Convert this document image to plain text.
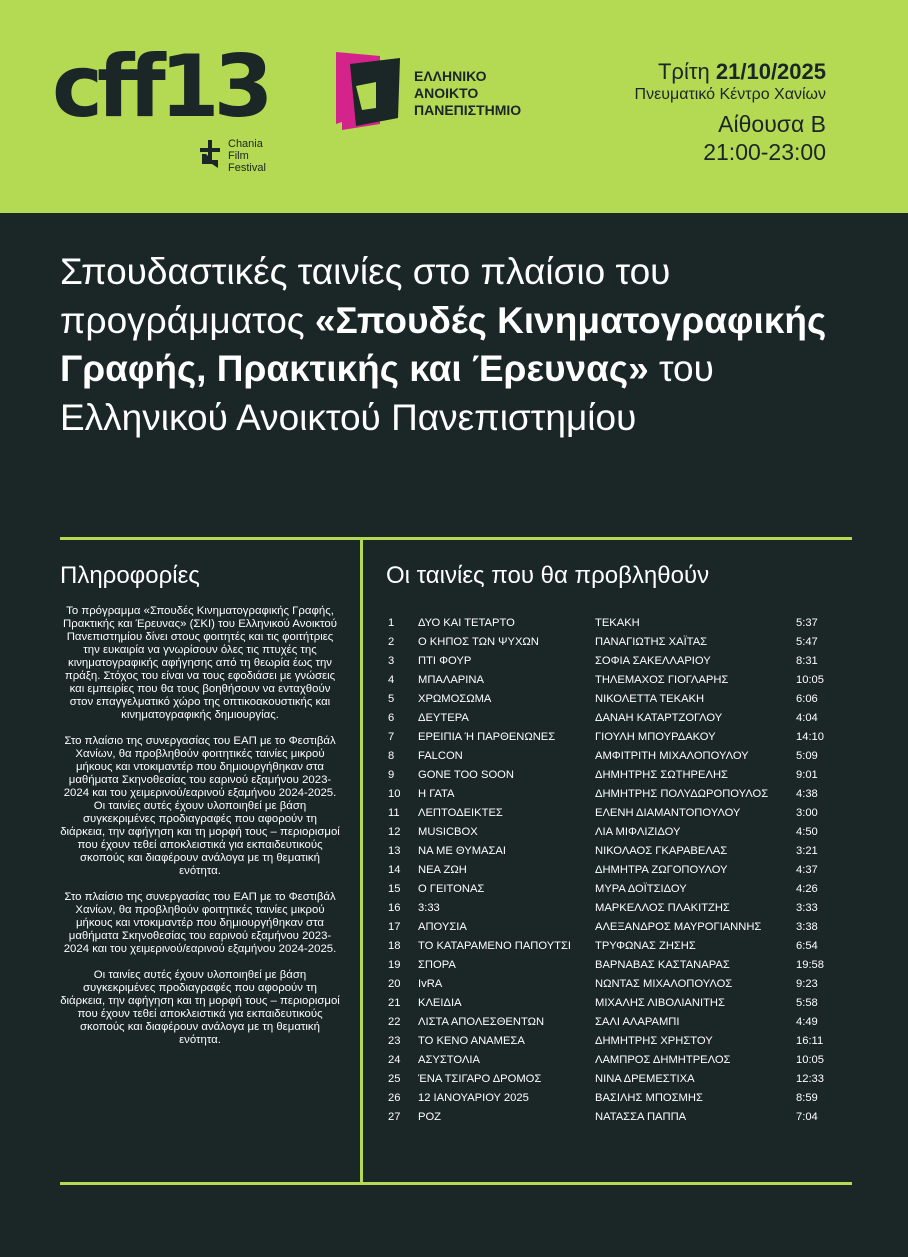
cff13
Chania
Film
Festival
ΕΛΛΗΝΙΚΟ
ΑΝΟΙΚΤΟ
ΠΑΝΕΠΙΣΤΗΜΙΟ
Τρίτη 21/10/2025
Πνευματικό Κέντρο Χανίων
Αίθουσα Β
21:00-23:00
Σπουδαστικές ταινίες στο πλαίσιο του προγράμματος «Σπουδές Κινηματογραφικής Γραφής, Πρακτικής και Έρευνας» του Ελληνικού Ανοικτού Πανεπιστημίου
Πληροφορίες	Οι ταινίες που θα προβληθούν

Το πρόγραμμα «Σπουδές Κινηματογραφικής Γραφής, Πρακτικής και Έρευνας» (ΣΚΙ) του Ελληνικού Ανοικτού Πανεπιστημίου δίνει στους φοιτητές και τις φοιτήτριες την ευκαιρία να γνωρίσουν όλες τις πτυχές της κινηματογραφικής αφήγησης από τη θεωρία έως την πράξη. Στόχος του είναι να τους εφοδιάσει με γνώσεις και εμπειρίες που θα τους βοηθήσουν να ενταχθούν στον επαγγελματικό χώρο της οπτικοακουστικής και κινηματογραφικής δημιουργίας.

Στο πλαίσιο της συνεργασίας του ΕΑΠ με το Φεστιβάλ Χανίων, θα προβληθούν φοιτητικές ταινίες μικρού μήκους και ντοκιμαντέρ που δημιουργήθηκαν στα μαθήματα Σκηνοθεσίας του εαρινού εξαμήνου 2023-2024 και του χειμερινού/εαρινού εξαμήνου 2024-2025. Οι ταινίες αυτές έχουν υλοποιηθεί με βάση συγκεκριμένες προδιαγραφές που αφορούν τη διάρκεια, την αφήγηση και τη μορφή τους – περιορισμοί που έχουν τεθεί αποκλειστικά για εκπαιδευτικούς σκοπούς και διαφέρουν ανάλογα με τη θεματική ενότητα.

Στο πλαίσιο της συνεργασίας του ΕΑΠ με το Φεστιβάλ Χανίων, θα προβληθούν φοιτητικές ταινίες μικρού μήκους και ντοκιμαντέρ που δημιουργήθηκαν στα μαθήματα Σκηνοθεσίας του εαρινού εξαμήνου 2023-2024 και του χειμερινού/εαρινού εξαμήνου 2024-2025.

Οι ταινίες αυτές έχουν υλοποιηθεί με βάση συγκεκριμένες προδιαγραφές που αφορούν τη διάρκεια, την αφήγηση και τη μορφή τους – περιορισμοί που έχουν τεθεί αποκλειστικά για εκπαιδευτικούς σκοπούς και διαφέρουν ανάλογα με τη θεματική ενότητα.

1	ΔΥΟ ΚΑΙ ΤΕΤΑΡΤΟ	ΤΕΚΑΚΗ	5:37
2	Ο ΚΗΠΟΣ ΤΩΝ ΨΥΧΩΝ	ΠΑΝΑΓΙΩΤΗΣ ΧΑΪΤΑΣ	5:47
3	ΠΤΙ ΦΟΥΡ	ΣΟΦΙΑ ΣΑΚΕΛΛΑΡΙΟΥ	8:31
4	ΜΠΑΛΑΡΙΝΑ	ΤΗΛΕΜΑΧΟΣ ΓΙΟΓΛΑΡΗΣ	10:05
5	ΧΡΩΜΟΣΩΜΑ	ΝΙΚΟΛΕΤΤΑ ΤΕΚΑΚΗ	6:06
6	ΔΕΥΤΕΡΑ	ΔΑΝΑΗ ΚΑΤΑΡΤΖΟΓΛΟΥ	4:04
7	ΕΡΕΙΠΙΑ Ή ΠΑΡΘΕΝΩΝΕΣ	ΓΙΟΥΛΗ ΜΠΟΥΡΔΑΚΟΥ	14:10
8	FALCON	ΑΜΦΙΤΡΙΤΗ ΜΙΧΑΛΟΠΟΥΛΟΥ	5:09
9	GONE TOO SOON	ΔΗΜΗΤΡΗΣ ΣΩΤΗΡΕΛΗΣ	9:01
10	Η ΓΑΤΑ	ΔΗΜΗΤΡΗΣ ΠΟΛΥΔΩΡΟΠΟΥΛΟΣ	4:38
11	ΛΕΠΤΟΔΕΙΚΤΕΣ	ΕΛΕΝΗ ΔΙΑΜΑΝΤΟΠΟΥΛΟΥ	3:00
12	MUSICBOX	ΛΙΑ ΜΙΦΛΙΖΙΔΟΥ	4:50
13	ΝΑ ΜΕ ΘΥΜΑΣΑΙ	ΝΙΚΟΛΑΟΣ ΓΚΑΡΑΒΕΛΑΣ	3:21
14	ΝΕΑ ΖΩΗ	ΔΗΜΗΤΡΑ ΖΩΓΟΠΟΥΛΟΥ	4:37
15	Ο ΓΕΙΤΟΝΑΣ	ΜΥΡΑ ΔΟΪΤΣΙΔΟΥ	4:26
16	3:33	ΜΑΡΚΕΛΛΟΣ ΠΛΑΚΙΤΖΗΣ	3:33
17	ΑΠΟΥΣΙΑ	ΑΛΕΞΑΝΔΡΟΣ ΜΑΥΡΟΓΙΑΝΝΗΣ	3:38
18	ΤΟ ΚΑΤΑΡΑΜΕΝΟ ΠΑΠΟΥΤΣΙ	ΤΡΥΦΩΝΑΣ ΖΗΣΗΣ	6:54
19	ΣΠΟΡΑ	ΒΑΡΝΑΒΑΣ ΚΑΣΤΑΝΑΡΑΣ	19:58
20	IvRA	ΝΩΝΤΑΣ ΜΙΧΑΛΟΠΟΥΛΟΣ	9:23
21	ΚΛΕΙΔΙΑ	ΜΙΧΑΛΗΣ ΛΙΒΟΛΙΑΝΙΤΗΣ	5:58
22	ΛΙΣΤΑ ΑΠΟΛΕΣΘΕΝΤΩΝ	ΣΑΛΙ ΑΛΑΡΑΜΠΙ	4:49
23	ΤΟ ΚΕΝΟ ΑΝΑΜΕΣΑ	ΔΗΜΗΤΡΗΣ ΧΡΗΣΤΟΥ	16:11
24	ΑΣΥΣΤΟΛΙΑ	ΛΑΜΠΡΟΣ ΔΗΜΗΤΡΕΛΟΣ	10:05
25	ΈΝΑ ΤΣΙΓΑΡΟ ΔΡΟΜΟΣ	ΝΙΝΑ ΔΡΕΜΕΣΤΙΧΑ	12:33
26	12 ΙΑΝΟΥΑΡΙΟΥ 2025	ΒΑΣΙΛΗΣ ΜΠΟΣΜΗΣ	8:59
27	ΡΟΖ	ΝΑΤΑΣΣΑ ΠΑΠΠΑ	7:04
